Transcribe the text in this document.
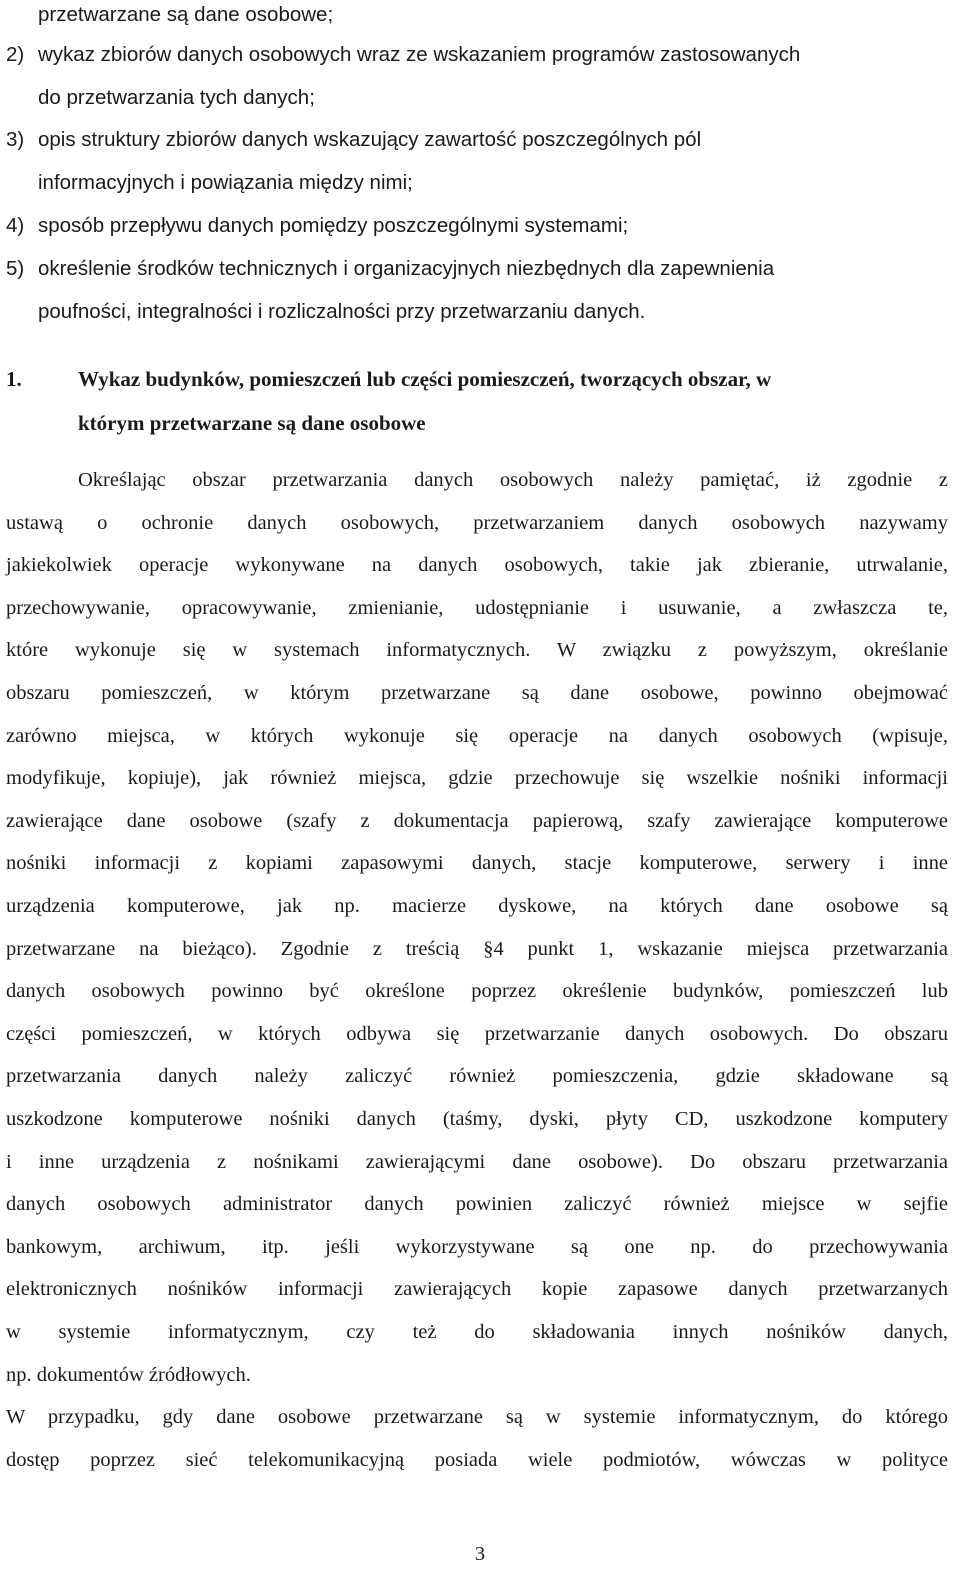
przetwarzane są dane osobowe;
2) wykaz zbiorów danych osobowych wraz ze wskazaniem programów zastosowanych
do przetwarzania tych danych;
3) opis struktury zbiorów danych wskazujący zawartość poszczególnych pól
informacyjnych i powiązania między nimi;
4) sposób przepływu danych pomiędzy poszczególnymi systemami;
5) określenie środków technicznych i organizacyjnych niezbędnych dla zapewnienia
poufności, integralności i rozliczalności przy przetwarzaniu danych.
1.	Wykaz budynków, pomieszczeń lub części pomieszczeń, tworzących obszar, w
którym przetwarzane są dane osobowe
Określając obszar przetwarzania danych osobowych należy pamiętać, iż zgodnie z
ustawą o ochronie danych osobowych, przetwarzaniem danych osobowych nazywamy
jakiekolwiek operacje wykonywane na danych osobowych, takie jak zbieranie, utrwalanie,
przechowywanie, opracowywanie, zmienianie, udostępnianie i usuwanie, a zwłaszcza te,
które wykonuje się w systemach informatycznych. W związku z powyższym, określanie
obszaru pomieszczeń, w którym przetwarzane są dane osobowe, powinno obejmować
zarówno miejsca, w których wykonuje się operacje na danych osobowych (wpisuje,
modyfikuje, kopiuje), jak również miejsca, gdzie przechowuje się wszelkie nośniki informacji
zawierające dane osobowe (szafy z dokumentacja papierową, szafy zawierające komputerowe
nośniki informacji z kopiami zapasowymi danych, stacje komputerowe, serwery i inne
urządzenia komputerowe, jak np. macierze dyskowe, na których dane osobowe są
przetwarzane na bieżąco). Zgodnie z treścią §4 punkt 1, wskazanie miejsca przetwarzania
danych osobowych powinno być określone poprzez określenie budynków, pomieszczeń lub
części pomieszczeń, w których odbywa się przetwarzanie danych osobowych. Do obszaru
przetwarzania danych należy zaliczyć również pomieszczenia, gdzie składowane są
uszkodzone komputerowe nośniki danych (taśmy, dyski, płyty CD, uszkodzone komputery
i inne urządzenia z nośnikami zawierającymi dane osobowe). Do obszaru przetwarzania
danych osobowych administrator danych powinien zaliczyć również miejsce w sejfie
bankowym, archiwum, itp. jeśli wykorzystywane są one np. do przechowywania
elektronicznych nośników informacji zawierających kopie zapasowe danych przetwarzanych
w systemie informatycznym, czy też do składowania innych nośników danych,
np. dokumentów źródłowych.
W przypadku, gdy dane osobowe przetwarzane są w systemie informatycznym, do którego
dostęp poprzez sieć telekomunikacyjną posiada wiele podmiotów, wówczas w polityce
3
